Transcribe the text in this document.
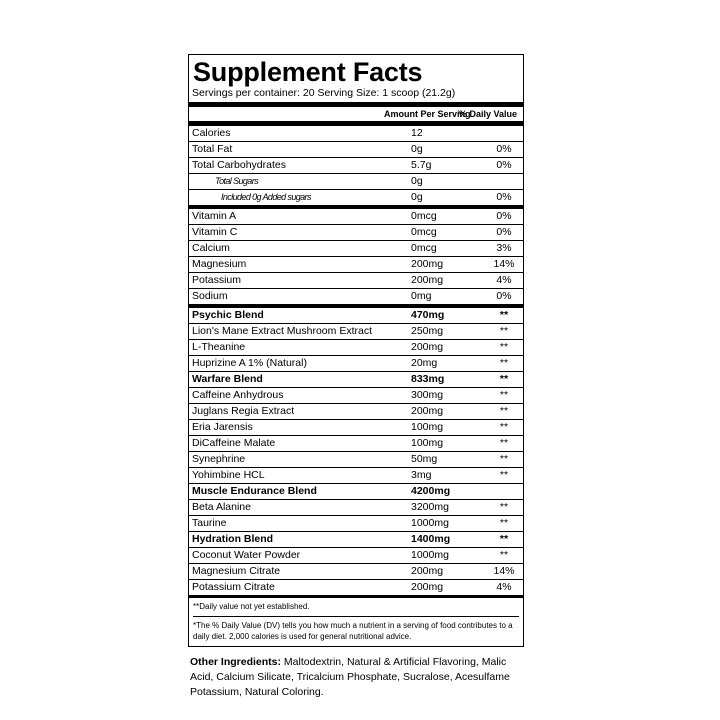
Supplement Facts
Servings per container: 20 Serving Size: 1 scoop (21.2g)
Amount Per Serving
% Daily Value
Calories	12
Total Fat	0g	0%
Total Carbohydrates	5.7g	0%
Total Sugars	0g
Included 0g Added sugars	0g	0%
Vitamin A	0mcg	0%
Vitamin C	0mcg	0%
Calcium	0mcg	3%
Magnesium	200mg	14%
Potassium	200mg	4%
Sodium	0mg	0%
Psychic Blend	470mg	**
Lion's Mane Extract Mushroom Extract	250mg	**
L-Theanine	200mg	**
Huprizine A 1% (Natural)	20mg	**
Warfare Blend	833mg	**
Caffeine Anhydrous	300mg	**
Juglans Regia Extract	200mg	**
Eria Jarensis	100mg	**
DiCaffeine Malate	100mg	**
Synephrine	50mg	**
Yohimbine HCL	3mg	**
Muscle Endurance Blend	4200mg
Beta Alanine	3200mg	**
Taurine	1000mg	**
Hydration Blend	1400mg	**
Coconut Water Powder	1000mg	**
Magnesium Citrate	200mg	14%
Potassium Citrate	200mg	4%
**Daily value not yet established.
*The % Daily Value (DV) tells you how much a nutrient in a serving of food contributes to a daily diet. 2,000 calories is used for general nutritional advice.
Other Ingredients: Maltodextrin, Natural & Artificial Flavoring, Malic Acid, Calcium Silicate, Tricalcium Phosphate, Sucralose, Acesulfame Potassium, Natural Coloring.
